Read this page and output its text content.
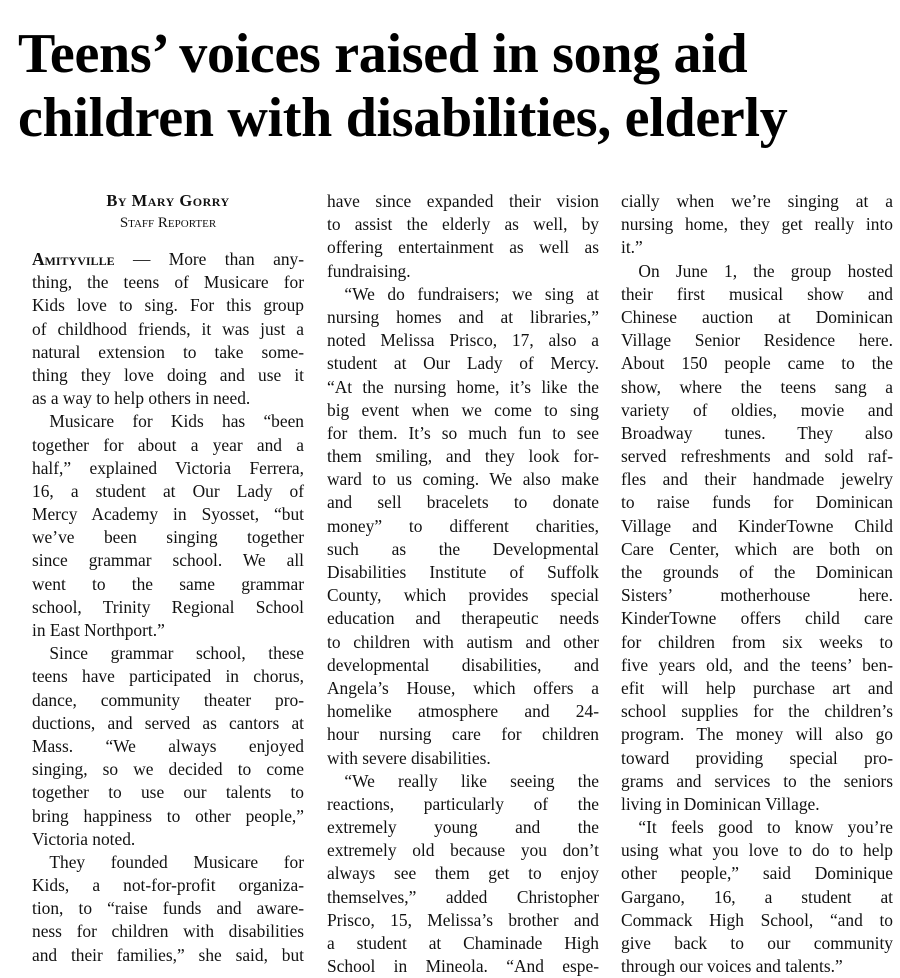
Teens’ voices raised in song aid
children with disabilities, elderly
By Mary Gorry
Staff Reporter
Amityville — More than any-
thing, the teens of Musicare for
Kids love to sing. For this group
of childhood friends, it was just a
natural extension to take some-
thing they love doing and use it
as a way to help others in need.
 Musicare for Kids has “been
together for about a year and a
half,” explained Victoria Ferrera,
16, a student at Our Lady of
Mercy Academy in Syosset, “but
we’ve been singing together
since grammar school. We all
went to the same grammar
school, Trinity Regional School
in East Northport.”
 Since grammar school, these
teens have participated in chorus,
dance, community theater pro-
ductions, and served as cantors at
Mass. “We always enjoyed
singing, so we decided to come
together to use our talents to
bring happiness to other people,”
Victoria noted.
 They founded Musicare for
Kids, a not-for-profit organiza-
tion, to “raise funds and aware-
ness for children with disabilities
and their families,” she said, but
have since expanded their vision
to assist the elderly as well, by
offering entertainment as well as
fundraising.
 “We do fundraisers; we sing at
nursing homes and at libraries,”
noted Melissa Prisco, 17, also a
student at Our Lady of Mercy.
“At the nursing home, it’s like the
big event when we come to sing
for them. It’s so much fun to see
them smiling, and they look for-
ward to us coming. We also make
and sell bracelets to donate
money” to different charities,
such as the Developmental
Disabilities Institute of Suffolk
County, which provides special
education and therapeutic needs
to children with autism and other
developmental disabilities, and
Angela’s House, which offers a
homelike atmosphere and 24-
hour nursing care for children
with severe disabilities.
 “We really like seeing the
reactions, particularly of the
extremely young and the
extremely old because you don’t
always see them get to enjoy
themselves,” added Christopher
Prisco, 15, Melissa’s brother and
a student at Chaminade High
School in Mineola. “And espe-
cially when we’re singing at a
nursing home, they get really into
it.”
 On June 1, the group hosted
their first musical show and
Chinese auction at Dominican
Village Senior Residence here.
About 150 people came to the
show, where the teens sang a
variety of oldies, movie and
Broadway tunes. They also
served refreshments and sold raf-
fles and their handmade jewelry
to raise funds for Dominican
Village and KinderTowne Child
Care Center, which are both on
the grounds of the Dominican
Sisters’ motherhouse here.
KinderTowne offers child care
for children from six weeks to
five years old, and the teens’ ben-
efit will help purchase art and
school supplies for the children’s
program. The money will also go
toward providing special pro-
grams and services to the seniors
living in Dominican Village.
 “It feels good to know you’re
using what you love to do to help
other people,” said Dominique
Gargano, 16, a student at
Commack High School, “and to
give back to our community
through our voices and talents.”
